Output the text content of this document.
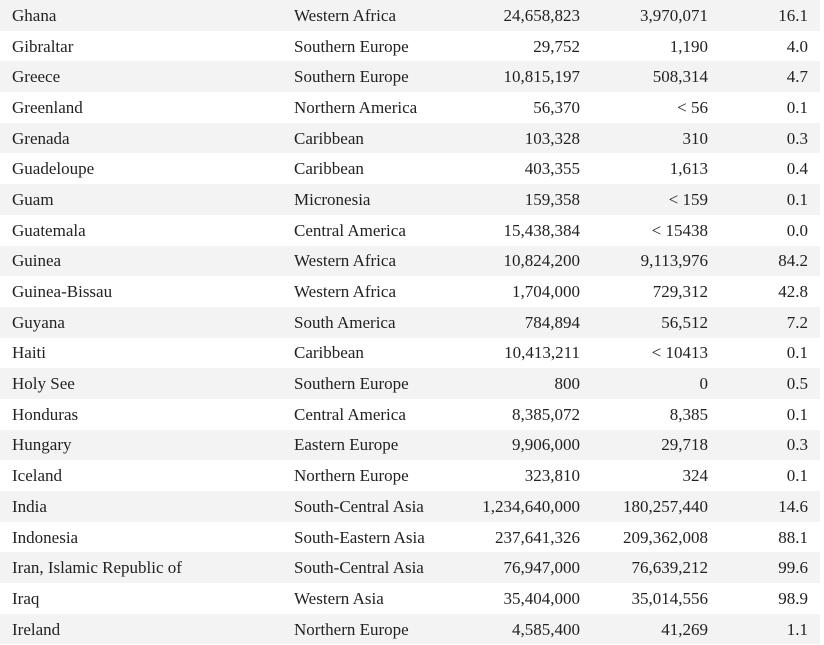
Ghana	Western Africa	24,658,823	3,970,071	16.1
Gibraltar	Southern Europe	29,752	1,190	4.0
Greece	Southern Europe	10,815,197	508,314	4.7
Greenland	Northern America	56,370	< 56	0.1
Grenada	Caribbean	103,328	310	0.3
Guadeloupe	Caribbean	403,355	1,613	0.4
Guam	Micronesia	159,358	< 159	0.1
Guatemala	Central America	15,438,384	< 15438	0.0
Guinea	Western Africa	10,824,200	9,113,976	84.2
Guinea-Bissau	Western Africa	1,704,000	729,312	42.8
Guyana	South America	784,894	56,512	7.2
Haiti	Caribbean	10,413,211	< 10413	0.1
Holy See	Southern Europe	800	0	0.5
Honduras	Central America	8,385,072	8,385	0.1
Hungary	Eastern Europe	9,906,000	29,718	0.3
Iceland	Northern Europe	323,810	324	0.1
India	South-Central Asia	1,234,640,000	180,257,440	14.6
Indonesia	South-Eastern Asia	237,641,326	209,362,008	88.1
Iran, Islamic Republic of	South-Central Asia	76,947,000	76,639,212	99.6
Iraq	Western Asia	35,404,000	35,014,556	98.9
Ireland	Northern Europe	4,585,400	41,269	1.1
